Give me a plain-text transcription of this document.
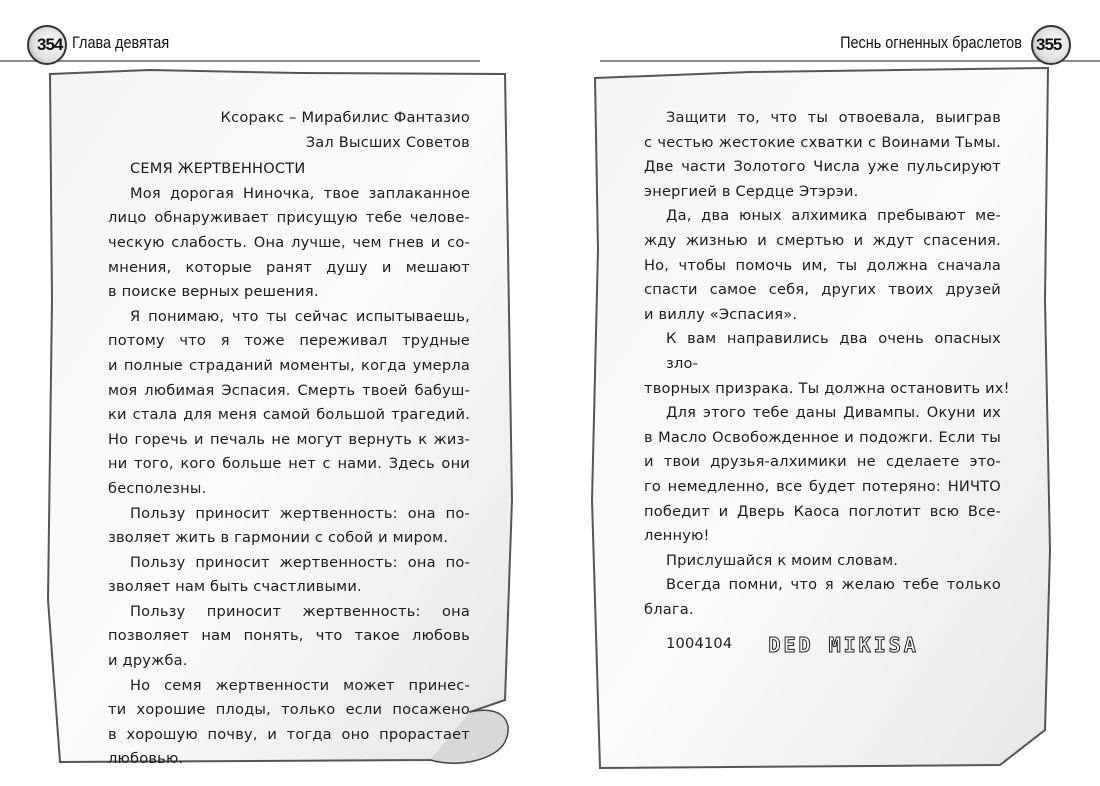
354 Глава девятая	Песнь огненных браслетов 355
Ксоракс – Мирабилис Фантазио
Зал Высших Советов
СЕМЯ ЖЕРТВЕННОСТИ
Моя дорогая Ниночка, твое заплаканное
лицо обнаруживает присущую тебе челове-
ческую слабость. Она лучше, чем гнев и со-
мнения, которые ранят душу и мешают
в поиске верных решения.
Я понимаю, что ты сейчас испытываешь,
потому что я тоже переживал трудные
и полные страданий моменты, когда умерла
моя любимая Эспасия. Смерть твоей бабуш-
ки стала для меня самой большой трагедий.
Но горечь и печаль не могут вернуть к жиз-
ни того, кого больше нет с нами. Здесь они
бесполезны.
Пользу приносит жертвенность: она по-
зволяет жить в гармонии с собой и миром.
Пользу приносит жертвенность: она по-
зволяет нам быть счастливыми.
Пользу приносит жертвенность: она
позволяет нам понять, что такое любовь
и дружба.
Но семя жертвенности может принес-
ти хорошие плоды, только если посажено
в хорошую почву, и тогда оно прорастает
любовью.
Защити то, что ты отвоевала, выиграв
с честью жестокие схватки с Воинами Тьмы.
Две части Золотого Числа уже пульсируют
энергией в Сердце Этэрэи.
Да, два юных алхимика пребывают ме-
жду жизнью и смертью и ждут спасения.
Но, чтобы помочь им, ты должна сначала
спасти самое себя, других твоих друзей
и виллу «Эспасия».
К вам направились два очень опасных зло-
творных призрака. Ты должна остановить их!
Для этого тебе даны Дивампы. Окуни их
в Масло Освобожденное и подожги. Если ты
и твои друзья-алхимики не сделаете это-
го немедленно, все будет потеряно: НИЧТО
победит и Дверь Каоса поглотит всю Все-
ленную!
Прислушайся к моим словам.
Всегда помни, что я желаю тебе только
блага.
1004104 DED MIKISA
